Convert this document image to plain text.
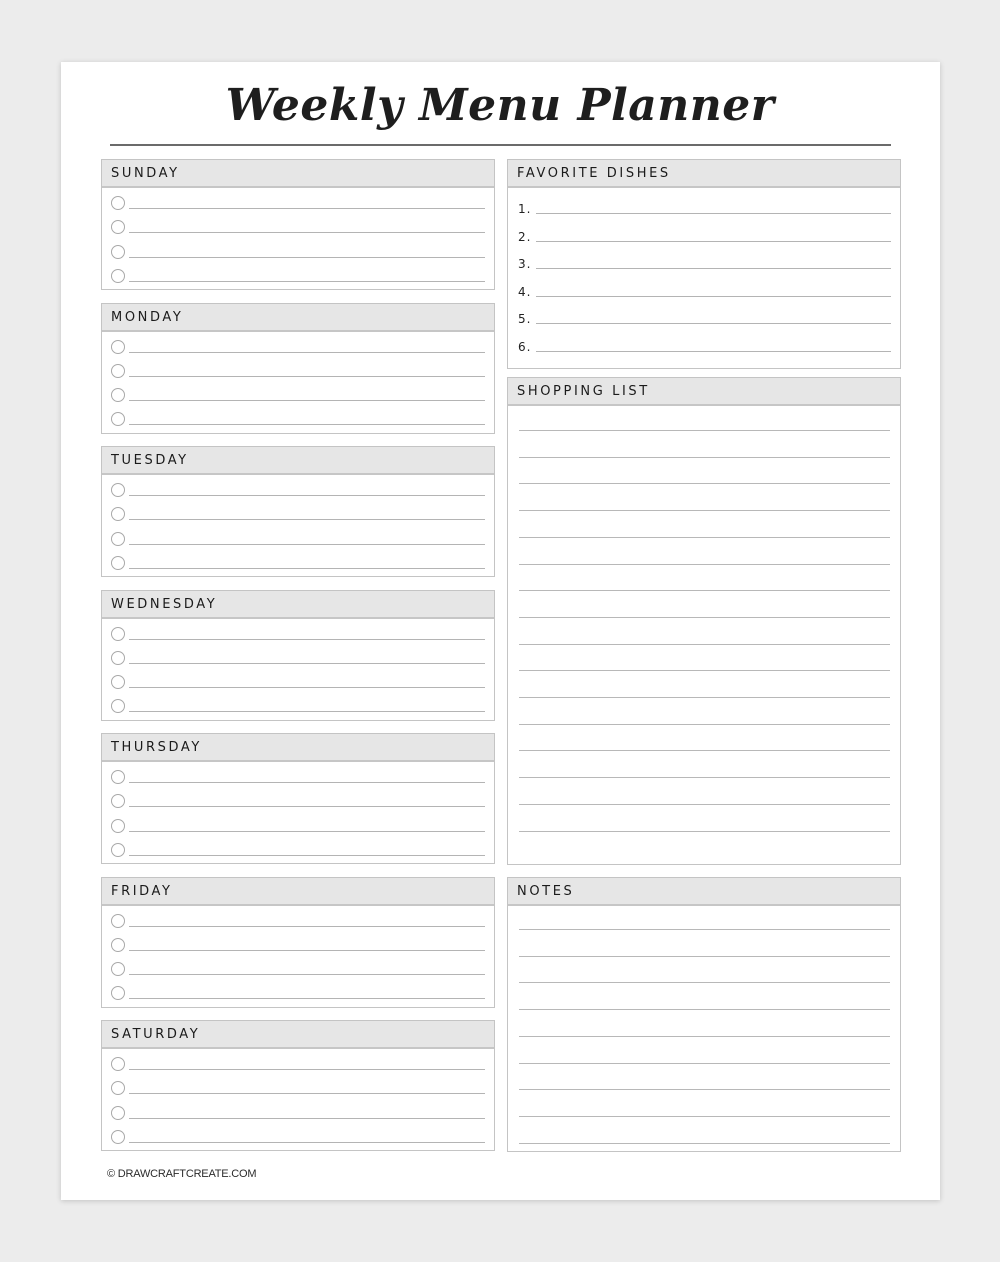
Weekly Menu Planner
SUNDAY
MONDAY
TUESDAY
WEDNESDAY
THURSDAY
FRIDAY
SATURDAY
FAVORITE DISHES
1.
2.
3.
4.
5.
6.
SHOPPING LIST
NOTES
© DRAWCRAFTCREATE.COM
